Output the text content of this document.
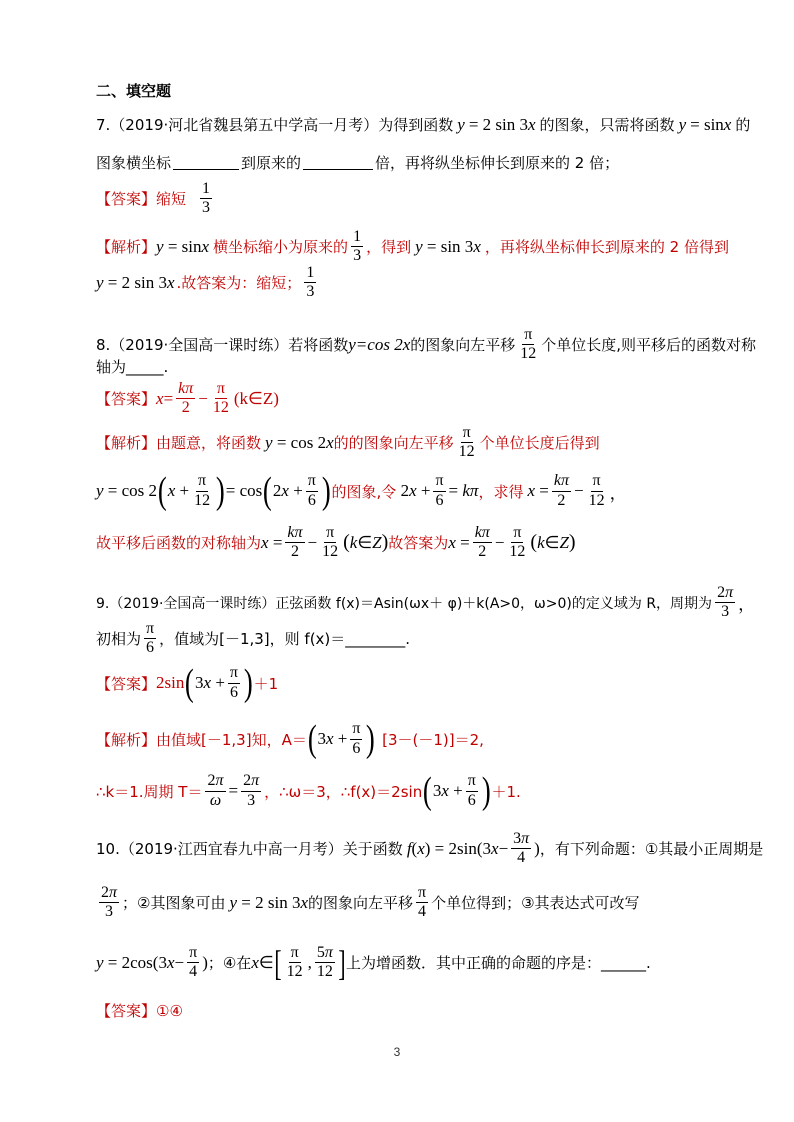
二、填空题
7.（2019·河北省魏县第五中学高一月考）为得到函数 y = 2 sin 3 x 的图象，只需将函数 y = sin x 的
图象横坐标	到原来的	倍，再将纵坐标伸长到原来的 2 倍；
【答案】 缩短 $\frac{1}{3}$
【解析】 y = sin x 横坐标缩小为原来的 $\frac{1}{3}$ ，得到 y = sin 3 x ，再将纵坐标伸长到原来的 2 倍得到
y = 2 sin 3 x .故答案为：缩短； $\frac{1}{3}$
8.（2019·全国高一课时练）若将函数 y=cos 2x 的图象向左平移 $\frac{\pi}{12}$ 个单位长度,则平移后的函数对称
轴为_____.
【答案】 $x = \frac{k\pi}{2} - \frac{\pi}{12}$ (k∈Z)
【解析】 由题意，将函数 y = cos 2 x 的的图象向左平移 $\frac{\pi}{12}$ 个单位长度后得到
y = cos 2 ( $x + \frac{\pi}{12}$ ) = cos ( 2 $x + \frac{\pi}{6}$ ) 的图象,令 2 $x + \frac{\pi}{6} = k\pi$ ，求得 $x = \frac{k\pi}{2} - \frac{\pi}{12}$ ，
故平移后函数的对称轴为 $x = \frac{k\pi}{2} - \frac{\pi}{12}$ ( k ∈ Z ) 故答案为 $x = \frac{k\pi}{2} - \frac{\pi}{12}$ ( k ∈ Z )
9.（2019·全国高一课时练）正弦函数 f(x)＝Asin(ωx＋ φ)＋k(A>0，ω>0)的定义域为 R，周期为 $\frac{2\pi}{3}$ ，
初相为 $\frac{\pi}{6}$ ，值域为[－1,3]，则 f(x)＝________.
【答案】 2sin ( 3 $x + \frac{\pi}{6}$ ) ＋1
【解析】 由值域[－1,3]知，A＝ ( 3 $x + \frac{\pi}{6}$ ) [3－(－1)]＝2,
∴k＝1.周期 $T= \frac{2\pi}{\omega} = \frac{2\pi}{3}$ ，∴ω＝3，∴f(x)＝2sin ( 3 $x + \frac{\pi}{6}$ ) ＋1.
10.（2019·江西宜春九中高一月考）关于函数 f ( x ) = 2sin(3 $x - \frac{3\pi}{4}$ ) ，有下列命题：①其最小正周期是
$\frac{2\pi}{3}$ ；②其图象可由 y = 2 sin 3 x 的图象向左平移 $\frac{\pi}{4}$ 个单位得到；③其表达式可改写
y = 2cos(3 $x - \frac{\pi}{4}$ ) ；④在 x ∈ [ $\frac{\pi}{12}$ , $\frac{5\pi}{12}$ ] 上为增函数．其中正确的命题的序是：______.
【答案】 ①④
3
